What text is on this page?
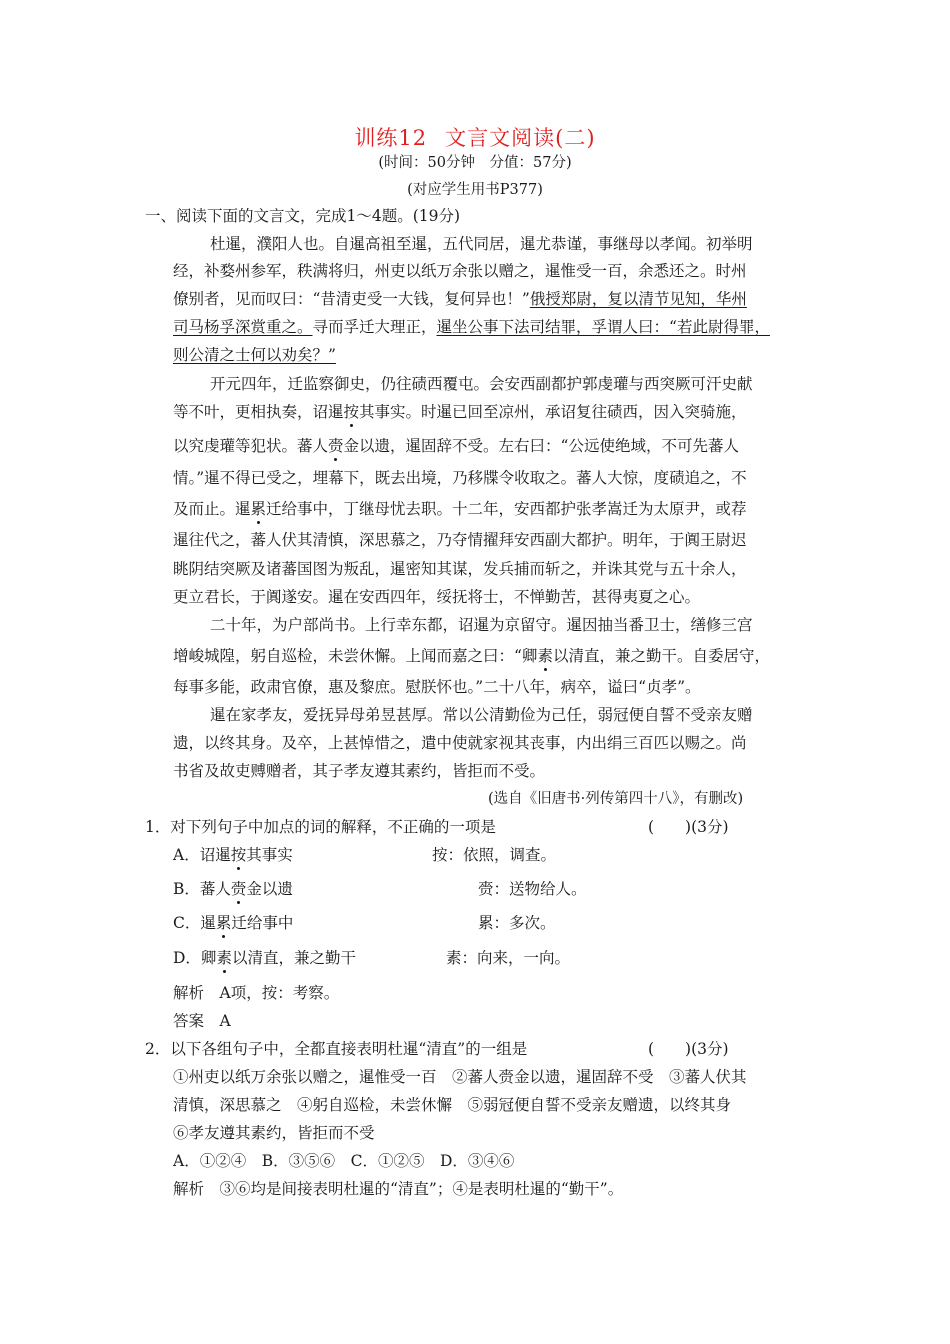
训练12 文言文阅读(二)
(时间：50分钟　分值：57分)
(对应学生用书P377)
一、阅读下面的文言文，完成1～4题。(19分)
杜暹，濮阳人也。自暹高祖至暹，五代同居，暹尤恭谨，事继母以孝闻。初举明
经，补婺州参军，秩满将归，州吏以纸万余张以赠之，暹惟受一百，余悉还之。时州
僚别者，见而叹曰：“昔清吏受一大钱，复何异也！”俄授郑尉，复以清节见知，华州
司马杨孚深赏重之。寻而孚迁大理正，暹坐公事下法司结罪，孚谓人曰：“若此尉得罪，
则公清之士何以劝矣？”
开元四年，迁监察御史，仍往碛西覆屯。会安西副都护郭虔瓘与西突厥可汗史献
等不叶，更相执奏，诏暹按其事实。时暹已回至凉州，承诏复往碛西，因入突骑施，
以究虔瓘等犯状。蕃人赍金以遗，暹固辞不受。左右曰：“公远使绝域，不可先蕃人
情。”暹不得已受之，埋幕下，既去出境，乃移牒令收取之。蕃人大惊，度碛追之，不
及而止。暹累迁给事中，丁继母忧去职。十二年，安西都护张孝嵩迁为太原尹，或荐
暹往代之，蕃人伏其清慎，深思慕之，乃夺情擢拜安西副大都护。明年，于阗王尉迟
眺阴结突厥及诸蕃国图为叛乱，暹密知其谋，发兵捕而斩之，并诛其党与五十余人，
更立君长，于阗遂安。暹在安西四年，绥抚将士，不惮勤苦，甚得夷夏之心。
二十年，为户部尚书。上行幸东都，诏暹为京留守。暹因抽当番卫士，缮修三宫
增峻城隍，躬自巡检，未尝休懈。上闻而嘉之曰：“卿素以清直，兼之勤干。自委居守，
每事多能，政肃官僚，惠及黎庶。慰朕怀也。”二十八年，病卒，谥曰“贞孝”。
暹在家孝友，爱抚异母弟昱甚厚。常以公清勤俭为己任，弱冠便自誓不受亲友赠
遗，以终其身。及卒，上甚悼惜之，遣中使就家视其丧事，内出绢三百匹以赐之。尚
书省及故吏赙赠者，其子孝友遵其素约，皆拒而不受。
(选自《旧唐书·列传第四十八》，有删改)
1．对下列句子中加点的词的解释，不正确的一项是	(　　)(3分)
A．诏暹按其事实	按：依照，调查。
B．蕃人赍金以遗	赍：送物给人。
C．暹累迁给事中	累：多次。
D．卿素以清直，兼之勤干	素：向来，一向。
解析　A项，按：考察。
答案　A
2．以下各组句子中，全都直接表明杜暹“清直”的一组是	(　　)(3分)
①州吏以纸万余张以赠之，暹惟受一百　②蕃人赍金以遗，暹固辞不受　③蕃人伏其
清慎，深思慕之　④躬自巡检，未尝休懈　⑤弱冠便自誓不受亲友赠遗，以终其身
⑥孝友遵其素约，皆拒而不受
A．①②④　B．③⑤⑥　C．①②⑤　D．③④⑥
解析　③⑥均是间接表明杜暹的“清直”；④是表明杜暹的“勤干”。
